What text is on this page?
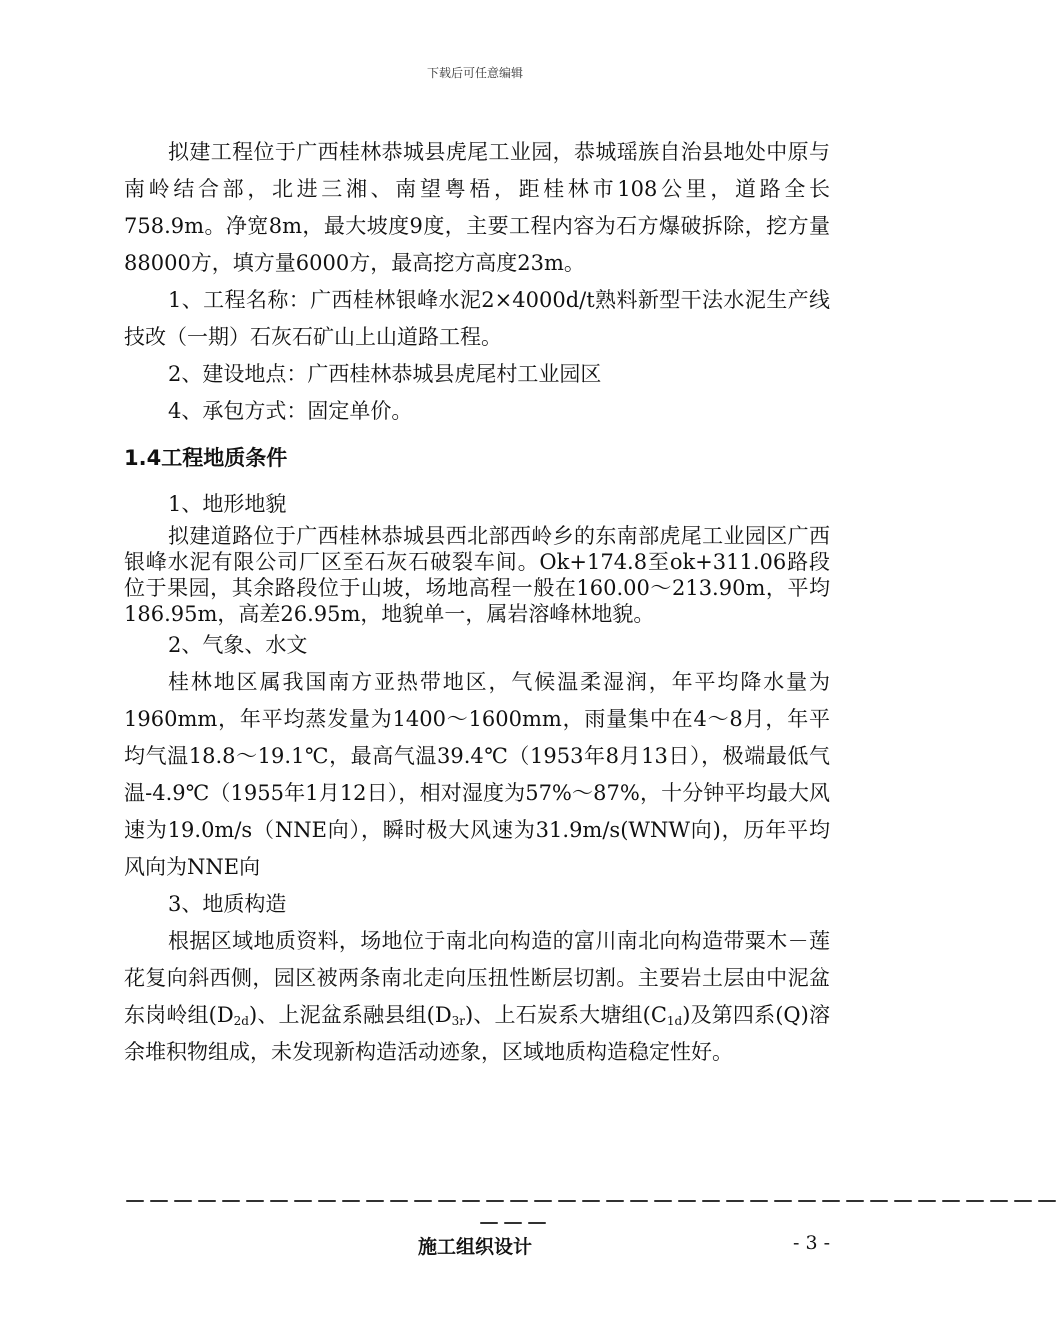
下载后可任意编辑

拟建工程位于广西桂林恭城县虎尾工业园，恭城瑶族自治县地处中原与南岭结合部，北进三湘、南望粤梧，距桂林市108公里，道路全长758.9m。净宽8m，最大坡度9度，主要工程内容为石方爆破拆除，挖方量88000方，填方量6000方，最高挖方高度23m。

1、工程名称：广西桂林银峰水泥2×4000d/t熟料新型干法水泥生产线技改（一期）石灰石矿山上山道路工程。

2、建设地点：广西桂林恭城县虎尾村工业园区

4、承包方式：固定单价。

1.4工程地质条件

1、地形地貌

拟建道路位于广西桂林恭城县西北部西岭乡的东南部虎尾工业园区广西银峰水泥有限公司厂区至石灰石破裂车间。Ok+174.8至ok+311.06路段位于果园，其余路段位于山坡，场地高程一般在160.00～213.90m，平均186.95m，高差26.95m，地貌单一，属岩溶峰林地貌。

2、气象、水文

桂林地区属我国南方亚热带地区，气候温柔湿润，年平均降水量为1960mm，年平均蒸发量为1400～1600mm，雨量集中在4～8月，年平均气温18.8～19.1℃，最高气温39.4℃（1953年8月13日），极端最低气温-4.9℃（1955年1月12日），相对湿度为57%～87%，十分钟平均最大风速为19.0m/s（NNE向），瞬时极大风速为31.9m/s(WNW向)，历年平均风向为NNE向

3、地质构造

根据区域地质资料，场地位于南北向构造的富川南北向构造带粟木－莲花复向斜西侧，园区被两条南北走向压扭性断层切割。主要岩土层由中泥盆东岗岭组$(D_{2d})$、上泥盆系融县组$(D_{3r})$、上石炭系大塘组$(C_{1d})$及第四系(Q)溶余堆积物组成，未发现新构造活动迹象，区域地质构造稳定性好。

－－－－－－－－－－－－－－－－－－－－－－－－－－－－－－－－－－－－－－－
－－－
施工组织设计	- 3 -
